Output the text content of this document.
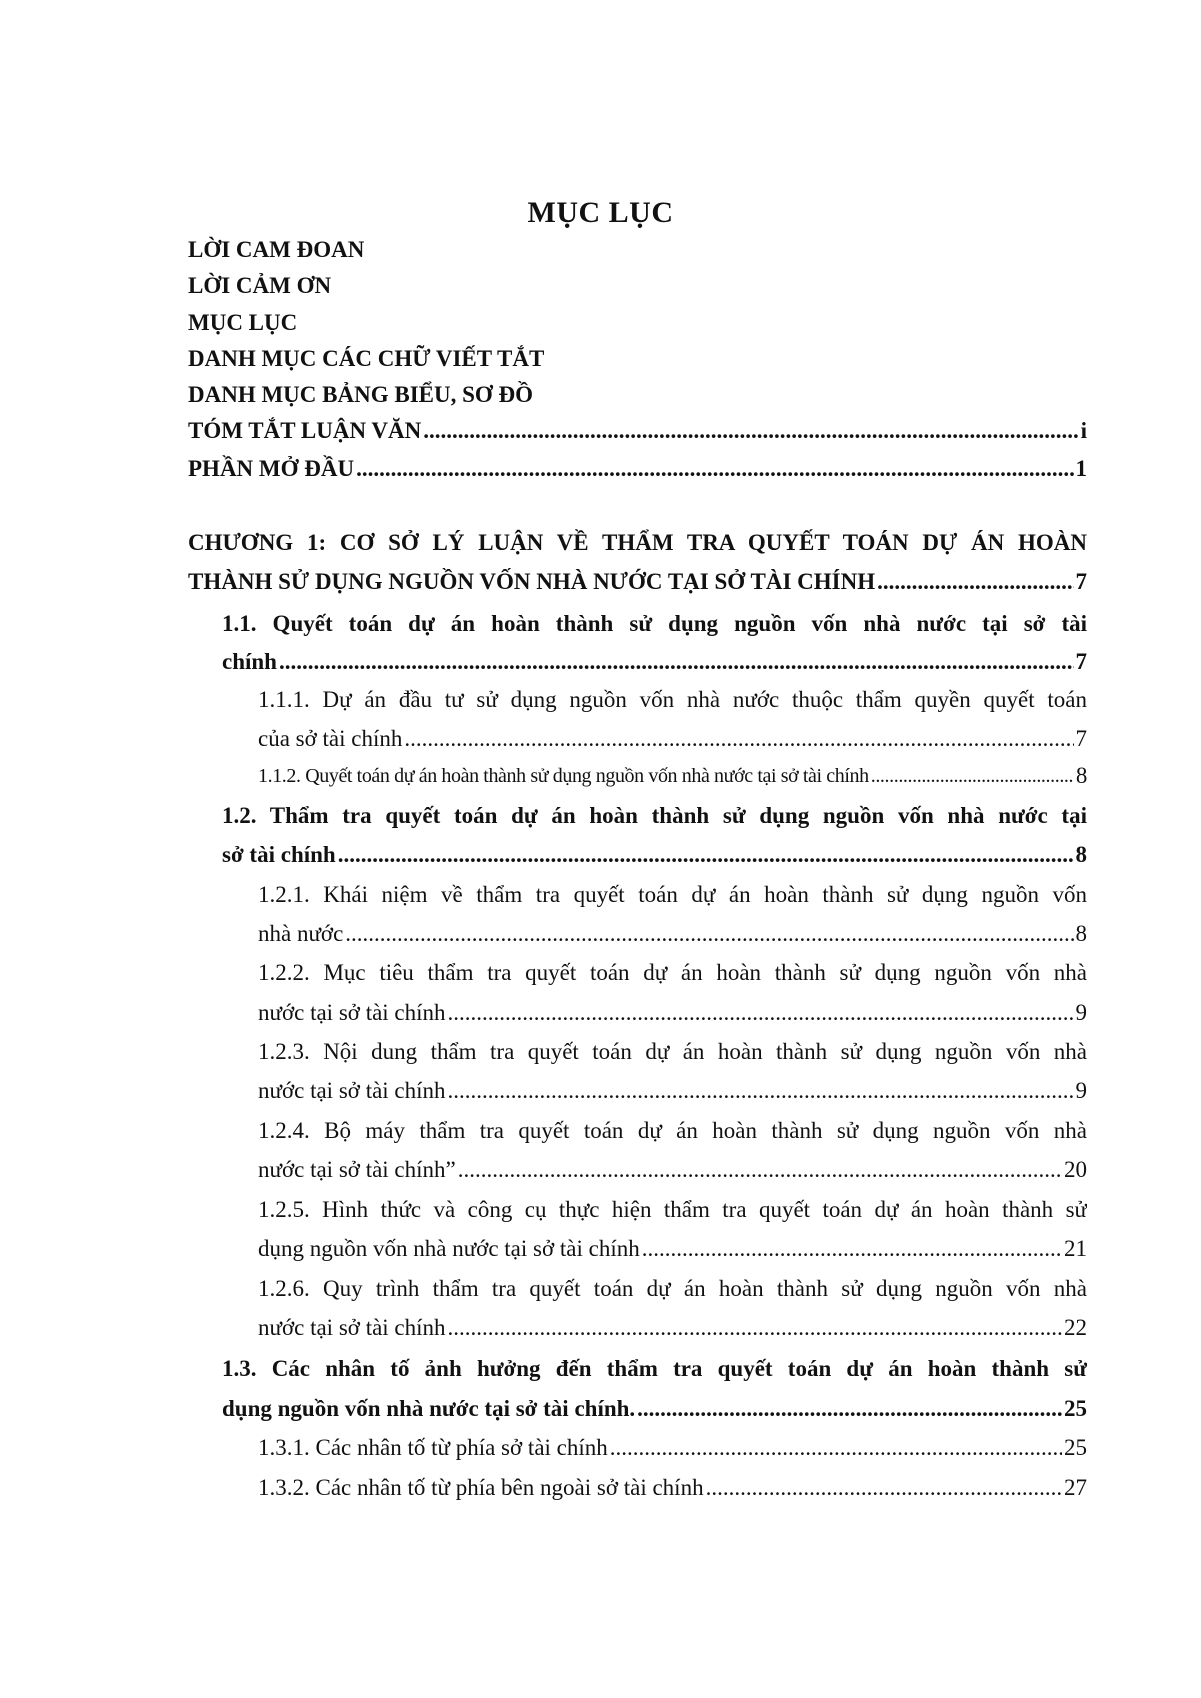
MỤC LỤC
LỜI CAM ĐOAN
LỜI CẢM ƠN
MỤC LỤC
DANH MỤC CÁC CHỮ VIẾT TẮT
DANH MỤC BẢNG BIỂU, SƠ ĐỒ
TÓM TẮT LUẬN VĂN .....	i
PHẦN MỞ ĐẦU .....	1
CHƯƠNG 1: CƠ SỞ LÝ LUẬN VỀ THẨM TRA QUYẾT TOÁN DỰ ÁN HOÀN
THÀNH SỬ DỤNG NGUỒN VỐN NHÀ NƯỚC TẠI SỞ TÀI CHÍNH .....	7
1.1. Quyết toán dự án hoàn thành sử dụng nguồn vốn nhà nước tại sở tài
chính .....	7
1.1.1. Dự án đầu tư sử dụng nguồn vốn nhà nước thuộc thẩm quyền quyết toán
của sở tài chính .....	7
1.1.2. Quyết toán dự án hoàn thành sử dụng nguồn vốn nhà nước tại sở tài chính .....	8
1.2. Thẩm tra quyết toán dự án hoàn thành sử dụng nguồn vốn nhà nước tại
sở tài chính .....	8
1.2.1. Khái niệm về thẩm tra quyết toán dự án hoàn thành sử dụng nguồn vốn
nhà nước .....	8
1.2.2. Mục tiêu thẩm tra quyết toán dự án hoàn thành sử dụng nguồn vốn nhà
nước tại sở tài chính .....	9
1.2.3. Nội dung thẩm tra quyết toán dự án hoàn thành sử dụng nguồn vốn nhà
nước tại sở tài chính .....	9
1.2.4. Bộ máy thẩm tra quyết toán dự án hoàn thành sử dụng nguồn vốn nhà
nước tại sở tài chính” .....	20
1.2.5. Hình thức và công cụ thực hiện thẩm tra quyết toán dự án hoàn thành sử
dụng nguồn vốn nhà nước tại sở tài chính .....	21
1.2.6. Quy trình thẩm tra quyết toán dự án hoàn thành sử dụng nguồn vốn nhà
nước tại sở tài chính .....	22
1.3. Các nhân tố ảnh hưởng đến thẩm tra quyết toán dự án hoàn thành sử
dụng nguồn vốn nhà nước tại sở tài chính. .....	25
1.3.1. Các nhân tố từ phía sở tài chính .....	25
1.3.2. Các nhân tố từ phía bên ngoài sở tài chính .....	27
